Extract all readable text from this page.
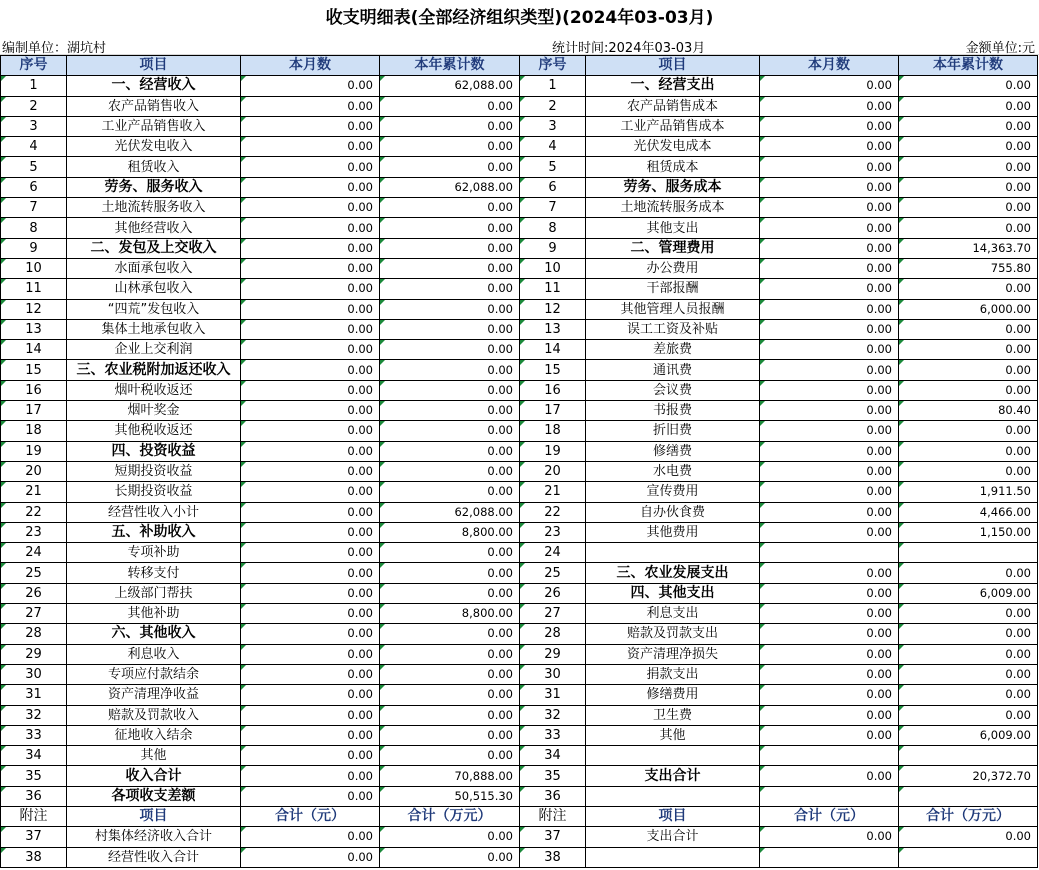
收支明细表(全部经济组织类型)(2024年03-03月)
编制单位：湖坑村	统计时间:2024年03-03月	金额单位:元
序号	项目	本月数	本年累计数	序号	项目	本月数	本年累计数
1	一、经营收入	0.00	62,088.00	1	一、经营支出	0.00	0.00
2	农产品销售收入	0.00	0.00	2	农产品销售成本	0.00	0.00
3	工业产品销售收入	0.00	0.00	3	工业产品销售成本	0.00	0.00
4	光伏发电收入	0.00	0.00	4	光伏发电成本	0.00	0.00
5	租赁收入	0.00	0.00	5	租赁成本	0.00	0.00
6	劳务、服务收入	0.00	62,088.00	6	劳务、服务成本	0.00	0.00
7	土地流转服务收入	0.00	0.00	7	土地流转服务成本	0.00	0.00
8	其他经营收入	0.00	0.00	8	其他支出	0.00	0.00
9	二、发包及上交收入	0.00	0.00	9	二、管理费用	0.00	14,363.70
10	水面承包收入	0.00	0.00	10	办公费用	0.00	755.80
11	山林承包收入	0.00	0.00	11	干部报酬	0.00	0.00
12	“四荒”发包收入	0.00	0.00	12	其他管理人员报酬	0.00	6,000.00
13	集体土地承包收入	0.00	0.00	13	误工工资及补贴	0.00	0.00
14	企业上交利润	0.00	0.00	14	差旅费	0.00	0.00
15	三、农业税附加返还收入	0.00	0.00	15	通讯费	0.00	0.00
16	烟叶税收返还	0.00	0.00	16	会议费	0.00	0.00
17	烟叶奖金	0.00	0.00	17	书报费	0.00	80.40
18	其他税收返还	0.00	0.00	18	折旧费	0.00	0.00
19	四、投资收益	0.00	0.00	19	修缮费	0.00	0.00
20	短期投资收益	0.00	0.00	20	水电费	0.00	0.00
21	长期投资收益	0.00	0.00	21	宣传费用	0.00	1,911.50
22	经营性收入小计	0.00	62,088.00	22	自办伙食费	0.00	4,466.00
23	五、补助收入	0.00	8,800.00	23	其他费用	0.00	1,150.00
24	专项补助	0.00	0.00	24			
25	转移支付	0.00	0.00	25	三、农业发展支出	0.00	0.00
26	上级部门帮扶	0.00	0.00	26	四、其他支出	0.00	6,009.00
27	其他补助	0.00	8,800.00	27	利息支出	0.00	0.00
28	六、其他收入	0.00	0.00	28	赔款及罚款支出	0.00	0.00
29	利息收入	0.00	0.00	29	资产清理净损失	0.00	0.00
30	专项应付款结余	0.00	0.00	30	捐款支出	0.00	0.00
31	资产清理净收益	0.00	0.00	31	修缮费用	0.00	0.00
32	赔款及罚款收入	0.00	0.00	32	卫生费	0.00	0.00
33	征地收入结余	0.00	0.00	33	其他	0.00	6,009.00
34	其他	0.00	0.00	34			
35	收入合计	0.00	70,888.00	35	支出合计	0.00	20,372.70
36	各项收支差额	0.00	50,515.30	36			
附注	项目	合计（元）	合计（万元）	附注	项目	合计（元）	合计（万元）
37	村集体经济收入合计	0.00	0.00	37	支出合计	0.00	0.00
38	经营性收入合计	0.00	0.00	38			
